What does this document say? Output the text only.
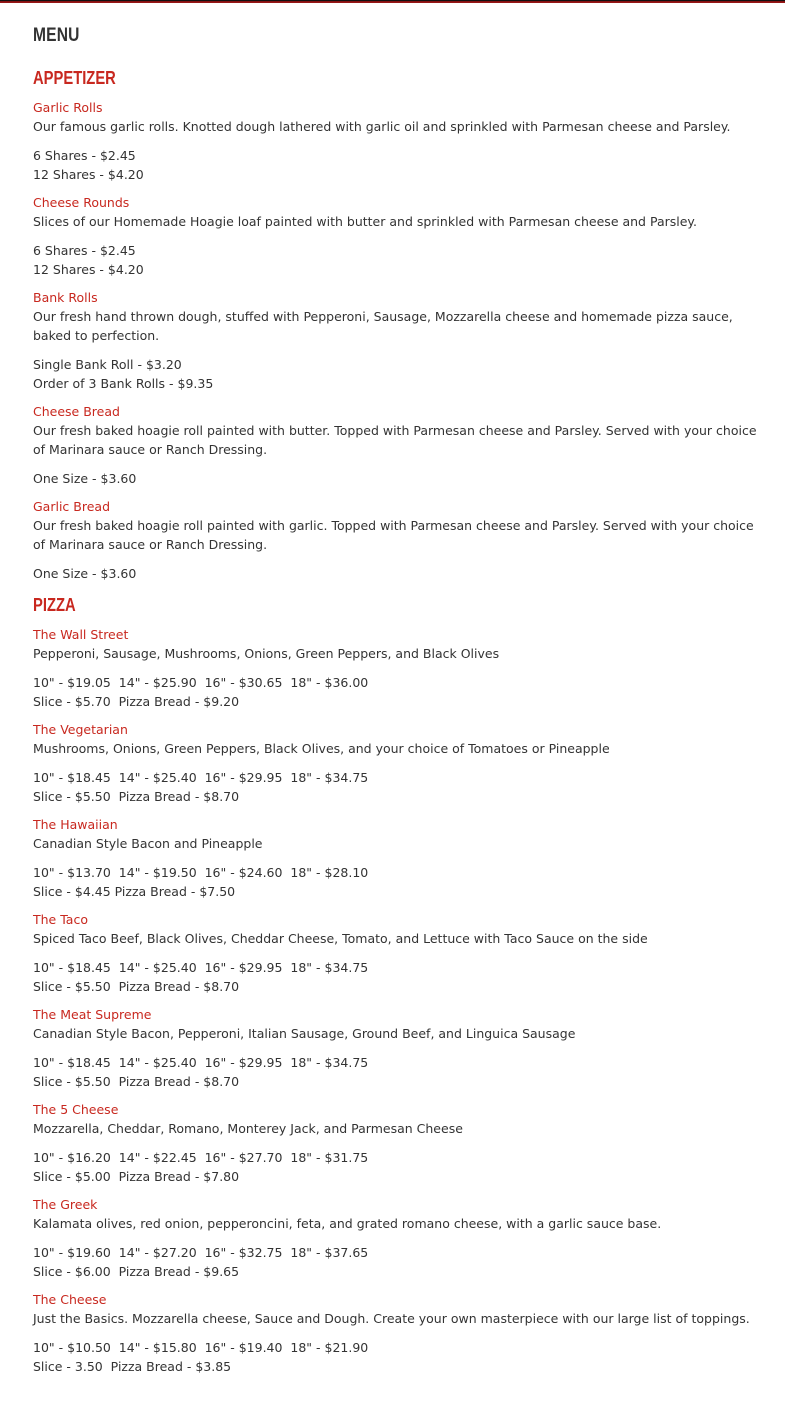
MENU
APPETIZER
Garlic Rolls
Our famous garlic rolls. Knotted dough lathered with garlic oil and sprinkled with Parmesan cheese and Parsley.
6 Shares - $2.45
12 Shares - $4.20
Cheese Rounds
Slices of our Homemade Hoagie loaf painted with butter and sprinkled with Parmesan cheese and Parsley.
6 Shares - $2.45
12 Shares - $4.20
Bank Rolls
Our fresh hand thrown dough, stuffed with Pepperoni, Sausage, Mozzarella cheese and homemade pizza sauce, baked to perfection.
Single Bank Roll - $3.20
Order of 3 Bank Rolls - $9.35
Cheese Bread
Our fresh baked hoagie roll painted with butter. Topped with Parmesan cheese and Parsley. Served with your choice of Marinara sauce or Ranch Dressing.
One Size - $3.60
Garlic Bread
Our fresh baked hoagie roll painted with garlic. Topped with Parmesan cheese and Parsley. Served with your choice of Marinara sauce or Ranch Dressing.
One Size - $3.60
PIZZA
The Wall Street
Pepperoni, Sausage, Mushrooms, Onions, Green Peppers, and Black Olives
10" - $19.05  14" - $25.90  16" - $30.65  18" - $36.00
Slice - $5.70  Pizza Bread - $9.20
The Vegetarian
Mushrooms, Onions, Green Peppers, Black Olives, and your choice of Tomatoes or Pineapple
10" - $18.45  14" - $25.40  16" - $29.95  18" - $34.75
Slice - $5.50  Pizza Bread - $8.70
The Hawaiian
Canadian Style Bacon and Pineapple
10" - $13.70  14" - $19.50  16" - $24.60  18" - $28.10
Slice - $4.45 Pizza Bread - $7.50
The Taco
Spiced Taco Beef, Black Olives, Cheddar Cheese, Tomato, and Lettuce with Taco Sauce on the side
10" - $18.45  14" - $25.40  16" - $29.95  18" - $34.75
Slice - $5.50  Pizza Bread - $8.70
The Meat Supreme
Canadian Style Bacon, Pepperoni, Italian Sausage, Ground Beef, and Linguica Sausage
10" - $18.45  14" - $25.40  16" - $29.95  18" - $34.75
Slice - $5.50  Pizza Bread - $8.70
The 5 Cheese
Mozzarella, Cheddar, Romano, Monterey Jack, and Parmesan Cheese
10" - $16.20  14" - $22.45  16" - $27.70  18" - $31.75
Slice - $5.00  Pizza Bread - $7.80
The Greek
Kalamata olives, red onion, pepperoncini, feta, and grated romano cheese, with a garlic sauce base.
10" - $19.60  14" - $27.20  16" - $32.75  18" - $37.65
Slice - $6.00  Pizza Bread - $9.65
The Cheese
Just the Basics. Mozzarella cheese, Sauce and Dough. Create your own masterpiece with our large list of toppings.
10" - $10.50  14" - $15.80  16" - $19.40  18" - $21.90
Slice - 3.50  Pizza Bread - $3.85
